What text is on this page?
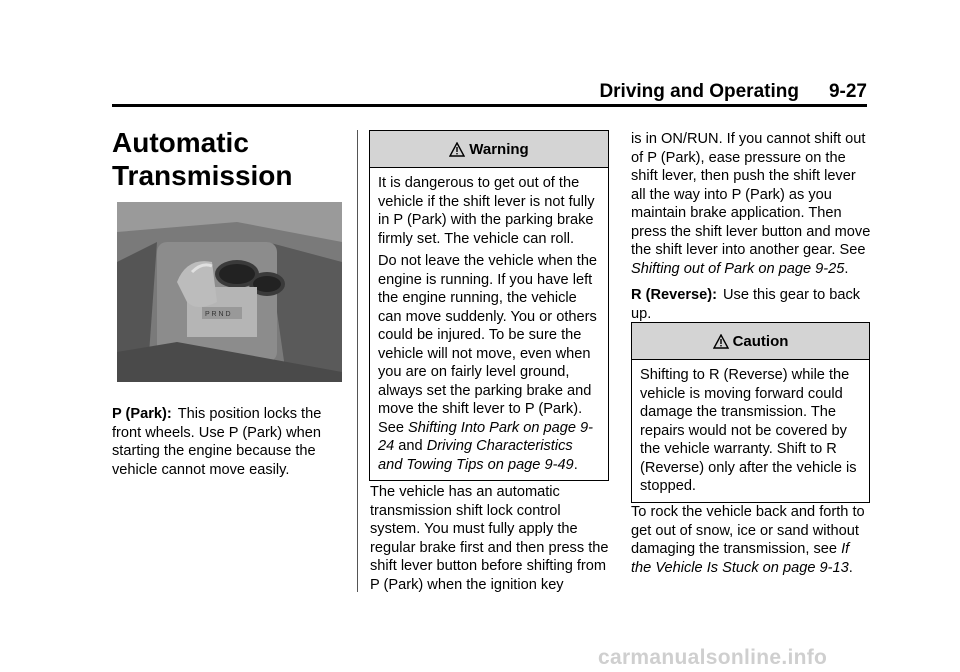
Driving and Operating 9-27
Automatic
Transmission
P R N D
P (Park): This position locks the front wheels. Use P (Park) when starting the engine because the vehicle cannot move easily.
Warning

It is dangerous to get out of the vehicle if the shift lever is not fully in P (Park) with the parking brake firmly set. The vehicle can roll.

Do not leave the vehicle when the engine is running. If you have left the engine running, the vehicle can move suddenly. You or others could be injured. To be sure the vehicle will not move, even when you are on fairly level ground, always set the parking brake and move the shift lever to P (Park). See Shifting Into Park on page 9-24 and Driving Characteristics and Towing Tips on page 9-49.

The vehicle has an automatic transmission shift lock control system. You must fully apply the regular brake first and then press the shift lever button before shifting from P (Park) when the ignition key

is in ON/RUN. If you cannot shift out of P (Park), ease pressure on the shift lever, then push the shift lever all the way into P (Park) as you maintain brake application. Then press the shift lever button and move the shift lever into another gear. See Shifting out of Park on page 9-25.

R (Reverse): Use this gear to back up.

Caution

Shifting to R (Reverse) while the vehicle is moving forward could damage the transmission. The repairs would not be covered by the vehicle warranty. Shift to R (Reverse) only after the vehicle is stopped.

To rock the vehicle back and forth to get out of snow, ice or sand without damaging the transmission, see If the Vehicle Is Stuck on page 9-13.

carmanualsonline.info
